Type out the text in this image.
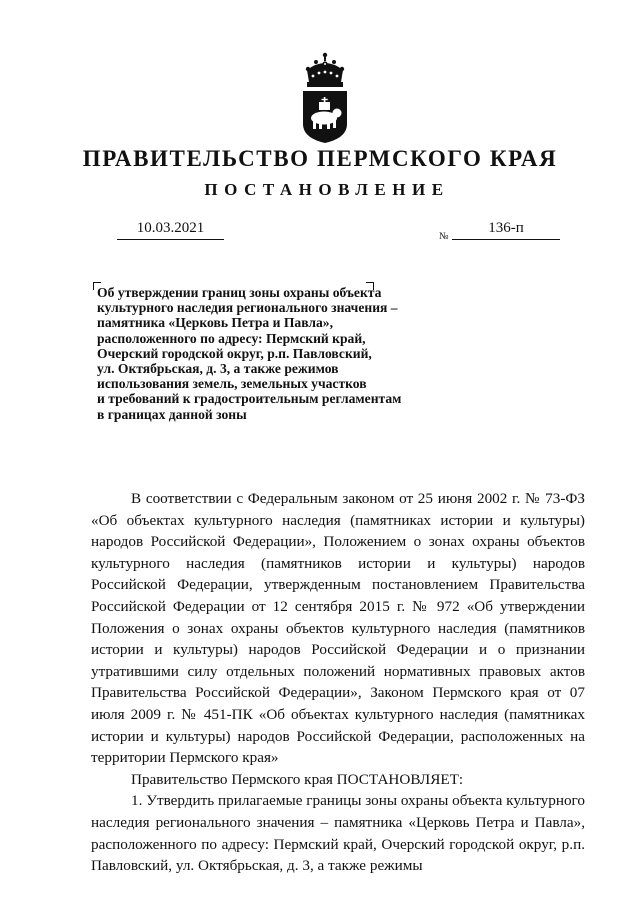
ПРАВИТЕЛЬСТВО ПЕРМСКОГО КРАЯ
ПОСТАНОВЛЕНИЕ
10.03.2021
№
136-п
Об утверждении границ зоны охраны объекта
культурного наследия регионального значения –
памятника «Церковь Петра и Павла»,
расположенного по адресу: Пермский край,
Очерский городской округ, р.п. Павловский,
ул. Октябрьская, д. 3, а также режимов
использования земель, земельных участков
и требований к градостроительным регламентам
в границах данной зоны

В соответствии с Федеральным законом от 25 июня 2002 г. № 73-ФЗ «Об объектах культурного наследия (памятниках истории и культуры) народов Российской Федерации», Положением о зонах охраны объектов культурного наследия (памятников истории и культуры) народов Российской Федерации, утвержденным постановлением Правительства Российской Федерации от 12 сентября 2015 г. № 972 «Об утверждении Положения о зонах охраны объектов культурного наследия (памятников истории и культуры) народов Российской Федерации и о признании утратившими силу отдельных положений нормативных правовых актов Правительства Российской Федерации», Законом Пермского края от 07 июля 2009 г. № 451-ПК «Об объектах культурного наследия (памятниках истории и культуры) народов Российской Федерации, расположенных на территории Пермского края»

Правительство Пермского края ПОСТАНОВЛЯЕТ:

1. Утвердить прилагаемые границы зоны охраны объекта культурного наследия регионального значения – памятника «Церковь Петра и Павла», расположенного по адресу: Пермский край, Очерский городской округ, р.п. Павловский, ул. Октябрьская, д. 3, а также режимы
